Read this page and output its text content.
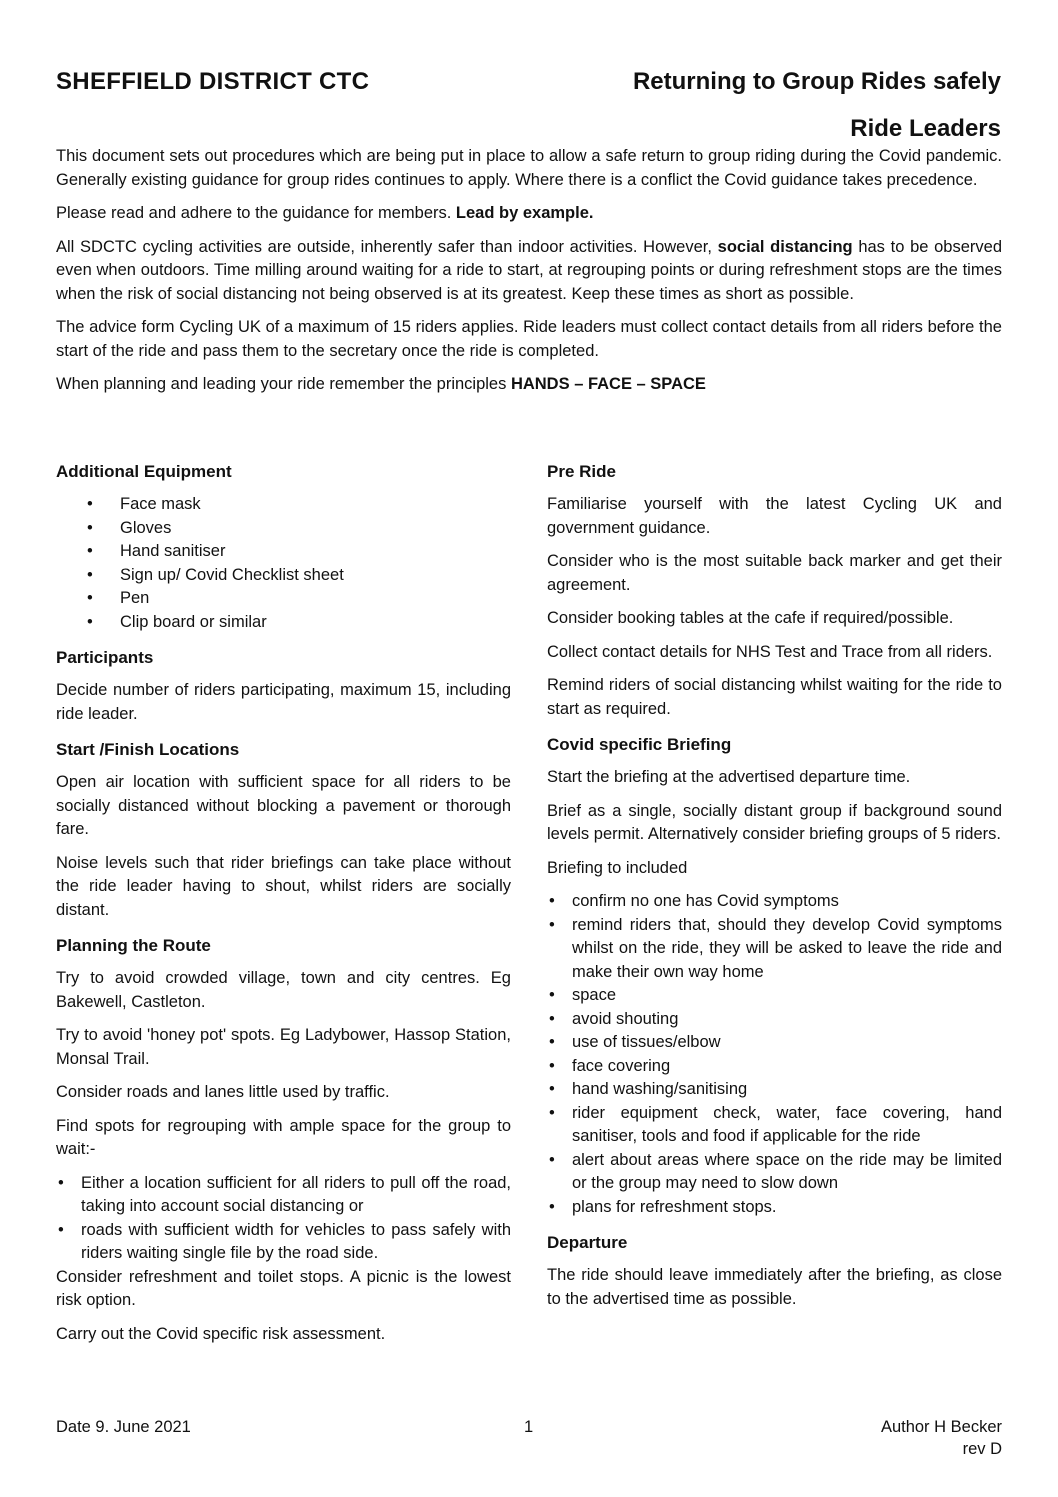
SHEFFIELD DISTRICT CTC	Returning to Group Rides safely
Ride Leaders

This document sets out procedures which are being put in place to allow a safe return to group riding during the Covid pandemic. Generally existing guidance for group rides continues to apply. Where there is a conflict the Covid guidance takes precedence.

Please read and adhere to the guidance for members. Lead by example.

All SDCTC cycling activities are outside, inherently safer than indoor activities. However, social distancing has to be observed even when outdoors. Time milling around waiting for a ride to start, at regrouping points or during refreshment stops are the times when the risk of social distancing not being observed is at its greatest. Keep these times as short as possible.

The advice form Cycling UK of a maximum of 15 riders applies. Ride leaders must collect contact details from all riders before the start of the ride and pass them to the secretary once the ride is completed.

When planning and leading your ride remember the principles HANDS – FACE – SPACE

Additional Equipment
• Face mask
• Gloves
• Hand sanitiser
• Sign up/ Covid Checklist sheet
• Pen
• Clip board or similar
Participants

Decide number of riders participating, maximum 15, including ride leader.

Start /Finish Locations

Open air location with sufficient space for all riders to be socially distanced without blocking a pavement or thorough fare.

Noise levels such that rider briefings can take place without the ride leader having to shout, whilst riders are socially distant.

Planning the Route

Try to avoid crowded village, town and city centres. Eg Bakewell, Castleton.

Try to avoid 'honey pot' spots. Eg Ladybower, Hassop Station, Monsal Trail.

Consider roads and lanes little used by traffic.

Find spots for regrouping with ample space for the group to wait:-

• Either a location sufficient for all riders to pull off the road, taking into account social distancing or
• roads with sufficient width for vehicles to pass safely with riders waiting single file by the road side.

Consider refreshment and toilet stops. A picnic is the lowest risk option.

Carry out the Covid specific risk assessment.

Pre Ride

Familiarise yourself with the latest Cycling UK and government guidance.

Consider who is the most suitable back marker and get their agreement.

Consider booking tables at the cafe if required/possible.

Collect contact details for NHS Test and Trace from all riders.

Remind riders of social distancing whilst waiting for the ride to start as required.

Covid specific Briefing

Start the briefing at the advertised departure time.

Brief as a single, socially distant group if background sound levels permit. Alternatively consider briefing groups of 5 riders.

Briefing to included

• confirm no one has Covid symptoms
• remind riders that, should they develop Covid symptoms whilst on the ride, they will be asked to leave the ride and make their own way home
• space
• avoid shouting
• use of tissues/elbow
• face covering
• hand washing/sanitising
• rider equipment check, water, face covering, hand sanitiser, tools and food if applicable for the ride
• alert about areas where space on the ride may be limited or the group may need to slow down
• plans for refreshment stops.
Departure

The ride should leave immediately after the briefing, as close to the advertised time as possible.

Date 9. June 2021	1	Author H Becker
rev D
